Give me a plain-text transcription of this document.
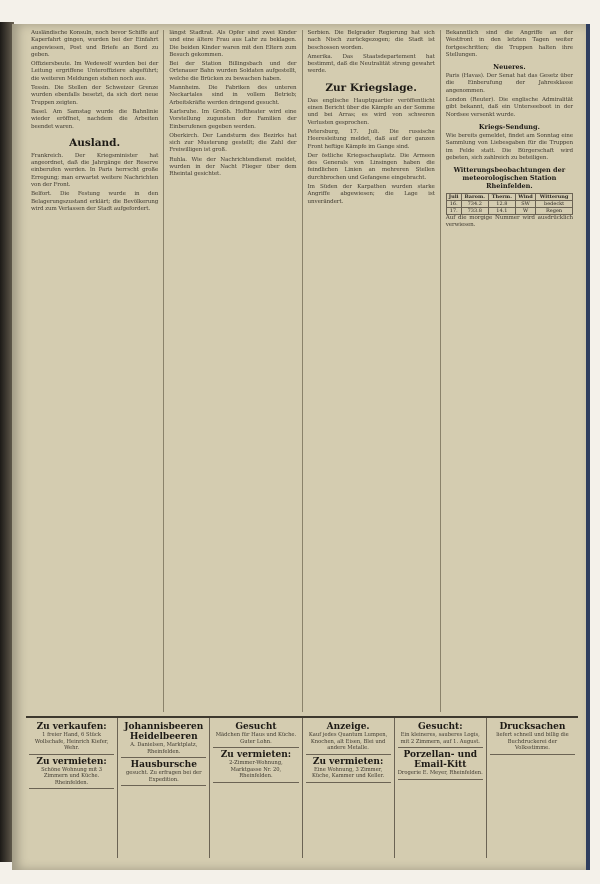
Ausländische Konsuln, noch bevor Schiffe auf Kaperfahrt gingen, wurden bei der Einfahrt angewiesen, Post und Briefe an Bord zu geben.

Offiziersbeute. Im Wedewolf wurden bei der Leitung ergriffene Unteroffiziere abgeführt; die weiteren Meldungen stehen noch aus.

Tessin. Die Stellen der Schweizer Grenze wurden ebenfalls besetzt, da sich dort neue Truppen zeigten.

Basel. Am Samstag wurde die Bahnlinie wieder eröffnet, nachdem die Arbeiten beendet waren.

Ausland.

Frankreich. Der Kriegsminister hat angeordnet, daß die Jahrgänge der Reserve einberufen werden. In Paris herrscht große Erregung; man erwartet weitere Nachrichten von der Front.

Belfort. Die Festung wurde in den Belagerungszustand erklärt; die Bevölkerung wird zum Verlassen der Stadt aufgefordert.

längst Stadtrat. Als Opfer sind zwei Kinder und eine ältere Frau aus Lahr zu beklagen. Die beiden Kinder waren mit den Eltern zum Besuch gekommen.

Bei der Station Billingsbach und der Ortenauer Bahn wurden Soldaten aufgestellt, welche die Brücken zu bewachen haben.

Mannheim. Die Fabriken des unteren Neckartales sind in vollem Betrieb; Arbeitskräfte werden dringend gesucht.

Karlsruhe. Im Großh. Hoftheater wird eine Vorstellung zugunsten der Familien der Einberufenen gegeben werden.

Oberkirch. Der Landsturm des Bezirks hat sich zur Musterung gestellt; die Zahl der Freiwilligen ist groß.

Ruhla. Wie der Nachrichtendienst meldet, wurden in der Nacht Flieger über dem Rheintal gesichtet.

Serbien. Die Belgrader Regierung hat sich nach Nisch zurückgezogen; die Stadt ist beschossen worden.

Amerika. Das Staatsdepartement hat bestimmt, daß die Neutralität streng gewahrt werde.

Zur Kriegslage.

Das englische Hauptquartier veröffentlicht einen Bericht über die Kämpfe an der Somme und bei Arras; es wird von schweren Verlusten gesprochen.

Petersburg, 17. Juli. Die russische Heeresleitung meldet, daß auf der ganzen Front heftige Kämpfe im Gange sind.

Der östliche Kriegsschauplatz. Die Armeen des Generals von Linsingen haben die feindlichen Linien an mehreren Stellen durchbrochen und Gefangene eingebracht.

Im Süden der Karpathen wurden starke Angriffe abgewiesen; die Lage ist unverändert.

Bekanntlich sind die Angriffe an der Westfront in den letzten Tagen weiter fortgeschritten; die Truppen halten ihre Stellungen.

Neueres.

Paris (Havas). Der Senat hat das Gesetz über die Einberufung der Jahresklasse angenommen.

London (Reuter). Die englische Admiralität gibt bekannt, daß ein Unterseeboot in der Nordsee versenkt wurde.

Kriegs-Sendung.

Wie bereits gemeldet, findet am Sonntag eine Sammlung von Liebesgaben für die Truppen im Felde statt. Die Bürgerschaft wird gebeten, sich zahlreich zu beteiligen.

Witterungsbeobachtungen der meteorologischen Station Rheinfelden.
Juli	Barom.	Therm.	Wind	Witterung
16.	734.2	12.8	SW	bedeckt
17.	733.8	14.1	W	Regen

Auf die morgige Nummer wird ausdrücklich verwiesen.

Zu verkaufen:
1 freier Hand, 6 Stück Wollschafe, Heinrich Kiefer, Wehr.
Zu vermieten:
Schöne Wohnung mit 3 Zimmern und Küche. Rheinfelden.
Johannisbeeren Heidelbeeren
A. Danielsen, Marktplatz, Rheinfelden.
Hausbursche
gesucht. Zu erfragen bei der Expedition.
Gesucht
Mädchen für Haus und Küche. Guter Lohn.
Zu vermieten:
2-Zimmer-Wohnung, Marktgasse Nr. 20, Rheinfelden.
Anzeige.
Kauf jedes Quantum Lumpen, Knochen, alt Eisen, Blei und andere Metalle.
Zu vermieten:
Eine Wohnung, 3 Zimmer, Küche, Kammer und Keller.
Gesucht:
Ein kleineres, sauberes Logis, mit 2 Zimmern, auf 1. August.
Porzellan- und Email-Kitt
Drogerie E. Meyer, Rheinfelden.
Drucksachen
liefert schnell und billig die Buchdruckerei der Volksstimme.
